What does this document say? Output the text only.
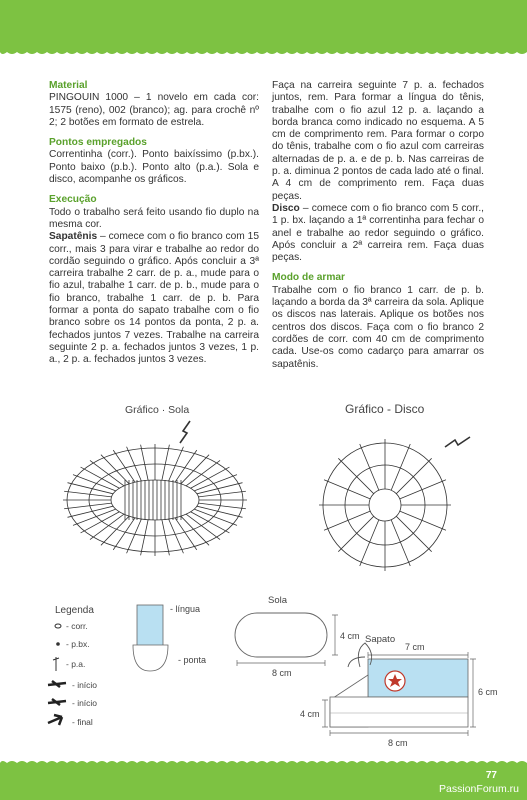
Material

PINGOUIN 1000 – 1 novelo em cada cor: 1575 (reno), 002 (branco); ag. para crochê nº 2; 2 botões em formato de estrela.

Pontos empregados

Correntinha (corr.). Ponto baixíssimo (p.bx.). Ponto baixo (p.b.). Ponto alto (p.a.). Sola e disco, acompanhe os gráficos.

Execução

Todo o trabalho será feito usando fio duplo na mesma cor.

Sapatênis – comece com o fio branco com 15 corr., mais 3 para virar e trabalhe ao redor do cordão seguindo o gráfico. Após concluir a 3ª carreira trabalhe 2 carr. de p. a., mude para o fio azul, trabalhe 1 carr. de p. b., mude para o fio branco, trabalhe 1 carr. de p. b. Para formar a ponta do sapato trabalhe com o fio branco sobre os 14 pontos da ponta, 2 p. a. fechados juntos 7 vezes. Trabalhe na carreira seguinte 2 p. a. fechados juntos 3 vezes, 1 p. a., 2 p. a. fechados juntos 3 vezes.

Faça na carreira seguinte 7 p. a. fechados juntos, rem. Para formar a língua do tênis, trabalhe com o fio azul 12 p. a. laçando a borda branca como indicado no esquema. A 5 cm de comprimento rem. Para formar o corpo do tênis, trabalhe com o fio azul com carreiras alternadas de p. a. e de p. b. Nas carreiras de p. a. diminua 2 pontos de cada lado até o final. A 4 cm de comprimento rem. Faça duas peças.

Disco – comece com o fio branco com 5 corr., 1 p. bx. laçando a 1ª correntinha para fechar o anel e trabalhe ao redor seguindo o gráfico. Após concluir a 2ª carreira rem. Faça duas peças.

Modo de armar

Trabalhe com o fio branco 1 carr. de p. b. laçando a borda da 3ª carreira da sola. Aplique os discos nas laterais. Aplique os botões nos centros dos discos. Faça com o fio branco 2 cordões de corr. com 40 cm de comprimento cada. Use-os como cadarço para amarrar os sapatênis.

Gráfico · Sola	Gráfico - Disco
Legenda
- corr.
- p.bx.
- p.a.
- início
- início
- final
- língua
- ponta
Sola
4 cm
8 cm
Sapato
7 cm
6 cm
4 cm
8 cm
77
PassionForum.ru
